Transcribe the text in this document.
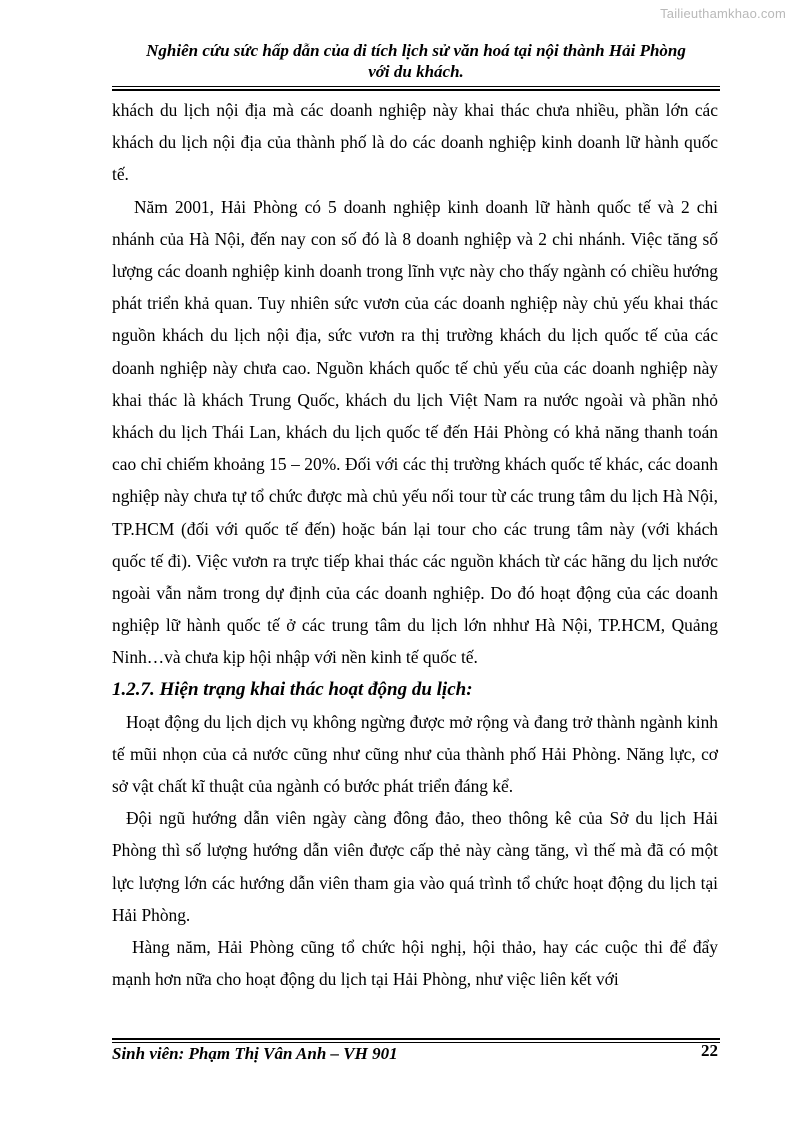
Tailieuthamkhao.com
Nghiên cứu sức hấp dẫn của di tích lịch sử văn hoá tại nội thành Hải Phòng
với du khách.

khách du lịch nội địa mà các doanh nghiệp này khai thác chưa nhiều, phần lớn các khách du lịch nội địa của thành phố là do các doanh nghiệp kinh doanh lữ hành quốc tế.

Năm 2001, Hải Phòng có 5 doanh nghiệp kinh doanh lữ hành quốc tế và 2 chi nhánh của Hà Nội, đến nay con số đó là 8 doanh nghiệp và 2 chi nhánh. Việc tăng số lượng các doanh nghiệp kinh doanh trong lĩnh vực này cho thấy ngành có chiều hướng phát triển khả quan. Tuy nhiên sức vươn của các doanh nghiệp này chủ yếu khai thác nguồn khách du lịch nội địa, sức vươn ra thị trường khách du lịch quốc tế của các doanh nghiệp này chưa cao. Nguồn khách quốc tế chủ yếu của các doanh nghiệp này khai thác là khách Trung Quốc, khách du lịch Việt Nam ra nước ngoài và phần nhỏ khách du lịch Thái Lan, khách du lịch quốc tế đến Hải Phòng có khả năng thanh toán cao chỉ chiếm khoảng 15 – 20%. Đối với các thị trường khách quốc tế khác, các doanh nghiệp này chưa tự tổ chức được mà chủ yếu nối tour từ các trung tâm du lịch Hà Nội, TP.HCM (đối với quốc tế đến) hoặc bán lại tour cho các trung tâm này (với khách quốc tế đi). Việc vươn ra trực tiếp khai thác các nguồn khách từ các hãng du lịch nước ngoài vẫn nằm trong dự định của các doanh nghiệp. Do đó hoạt động của các doanh nghiệp lữ hành quốc tế ở các trung tâm du lịch lớn nhhư Hà Nội, TP.HCM, Quảng Ninh…và chưa kịp hội nhập với nền kinh tế quốc tế.

1.2.7. Hiện trạng khai thác hoạt động du lịch:

Hoạt động du lịch dịch vụ không ngừng được mở rộng và đang trở thành ngành kinh tế mũi nhọn của cả nước cũng như cũng như của thành phố Hải Phòng. Năng lực, cơ sở vật chất kĩ thuật của ngành có bước phát triển đáng kể.

Đội ngũ hướng dẫn viên ngày càng đông đảo, theo thông kê của Sở du lịch Hải Phòng thì số lượng hướng dẫn viên được cấp thẻ này càng tăng, vì thế mà đã có một lực lượng lớn các hướng dẫn viên tham gia vào quá trình tổ chức hoạt động du lịch tại Hải Phòng.

Hàng năm, Hải Phòng cũng tổ chức hội nghị, hội thảo, hay các cuộc thi để đẩy mạnh hơn nữa cho hoạt động du lịch tại Hải Phòng, như việc liên kết với

Sinh viên: Phạm Thị Vân Anh – VH 901	22
